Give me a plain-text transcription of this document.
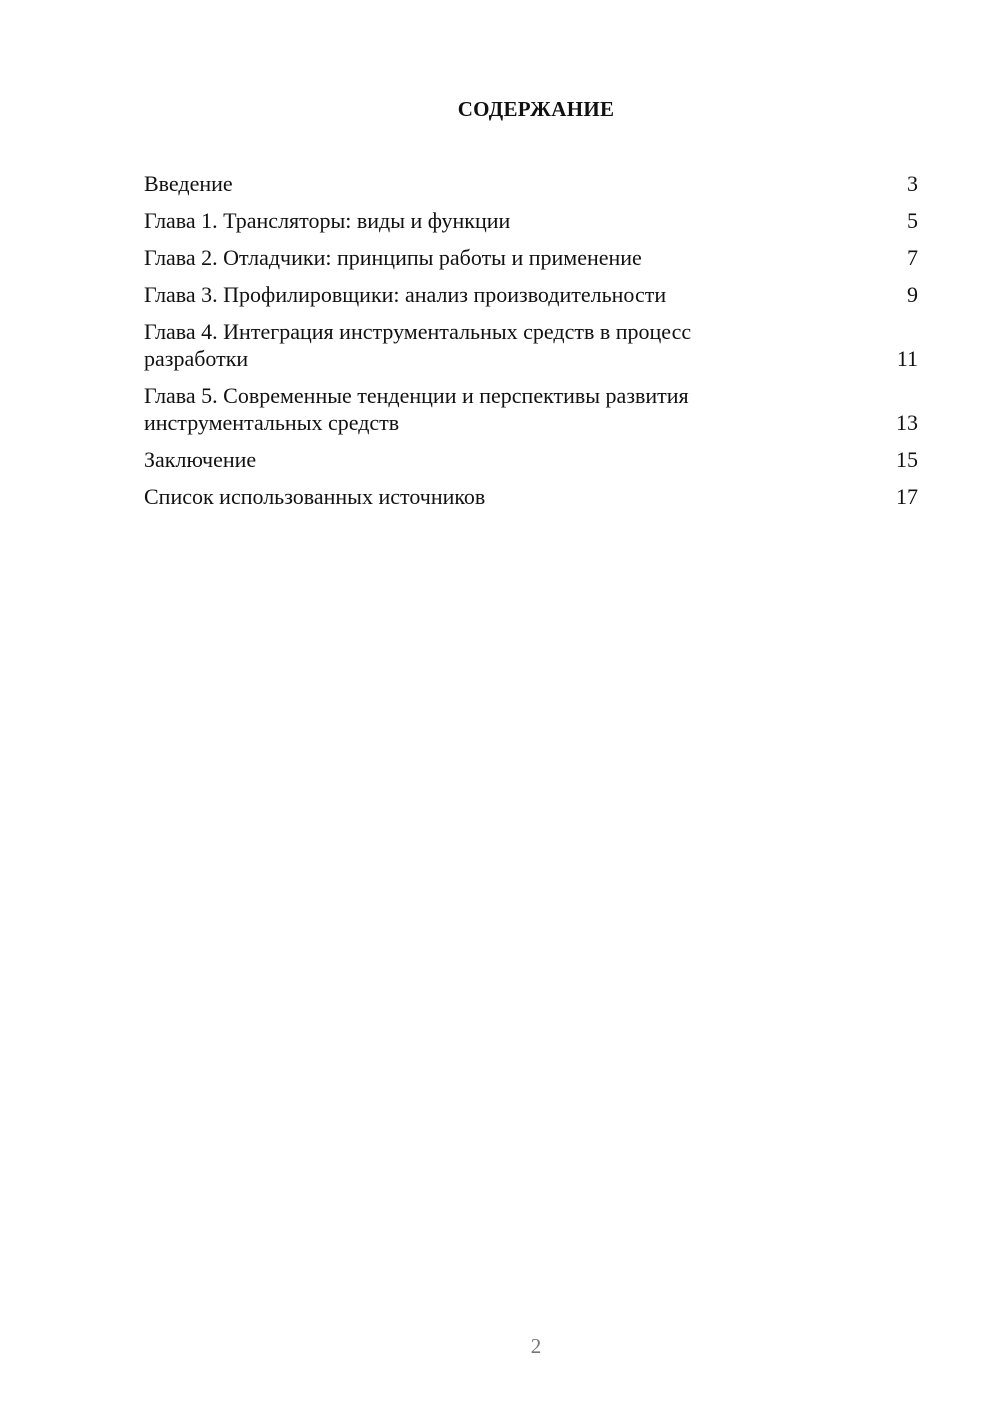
СОДЕРЖАНИЕ
Введение	3
Глава 1. Трансляторы: виды и функции	5
Глава 2. Отладчики: принципы работы и применение	7
Глава 3. Профилировщики: анализ производительности	9
Глава 4. Интеграция инструментальных средств в процесс разработки	11
Глава 5. Современные тенденции и перспективы развития инструментальных средств	13
Заключение	15
Список использованных источников	17
2
